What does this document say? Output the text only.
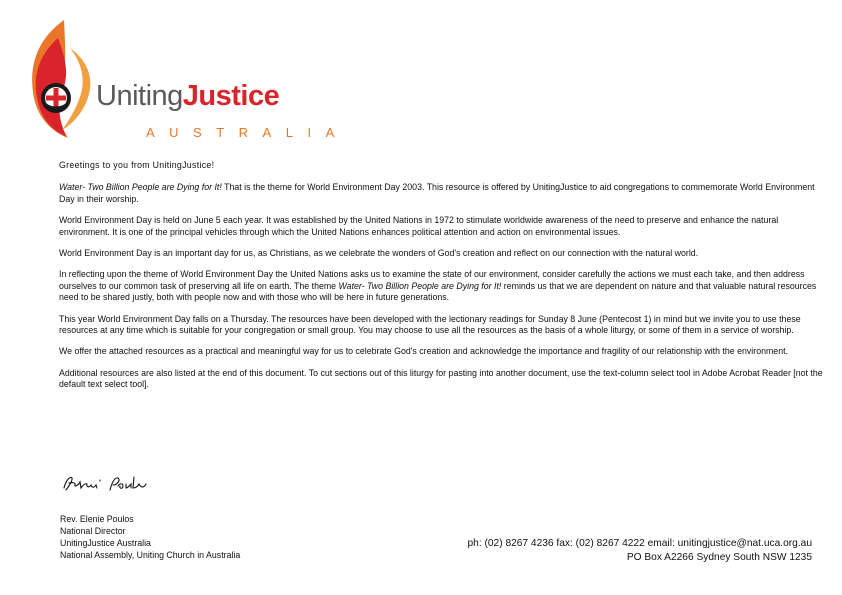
UnitingJustice
AUSTRALIA

Greetings to you from UnitingJustice!

Water- Two Billion People are Dying for It! That is the theme for World Environment Day 2003. This resource is offered by UnitingJustice to aid congregations to commemorate World Environment Day in their worship.

World Environment Day is held on June 5 each year. It was established by the United Nations in 1972 to stimulate worldwide awareness of the need to preserve and enhance the natural environment. It is one of the principal vehicles through which the United Nations enhances political attention and action on environmental issues.

World Environment Day is an important day for us, as Christians, as we celebrate the wonders of God's creation and reflect on our connection with the natural world.

In reflecting upon the theme of World Environment Day the United Nations asks us to examine the state of our environment, consider carefully the actions we must each take, and then address ourselves to our common task of preserving all life on earth. The theme Water- Two Billion People are Dying for It! reminds us that we are dependent on nature and that valuable natural resources need to be shared justly, both with people now and with those who will be here in future generations.

This year World Environment Day falls on a Thursday. The resources have been developed with the lectionary readings for Sunday 8 June (Pentecost 1) in mind but we invite you to use these resources at any time which is suitable for your congregation or small group. You may choose to use all the resources as the basis of a whole liturgy, or some of them in a service of worship.

We offer the attached resources as a practical and meaningful way for us to celebrate God's creation and acknowledge the importance and fragility of our relationship with the environment.

Additional resources are also listed at the end of this document. To cut sections out of this liturgy for pasting into another document, use the text-column select tool in Adobe Acrobat Reader [not the default text select tool].

Rev. Elenie Poulos
National Director
UnitingJustice Australia
National Assembly, Uniting Church in Australia
ph: (02) 8267 4236 fax: (02) 8267 4222 email: unitingjustice@nat.uca.org.au
PO Box A2266 Sydney South NSW 1235
